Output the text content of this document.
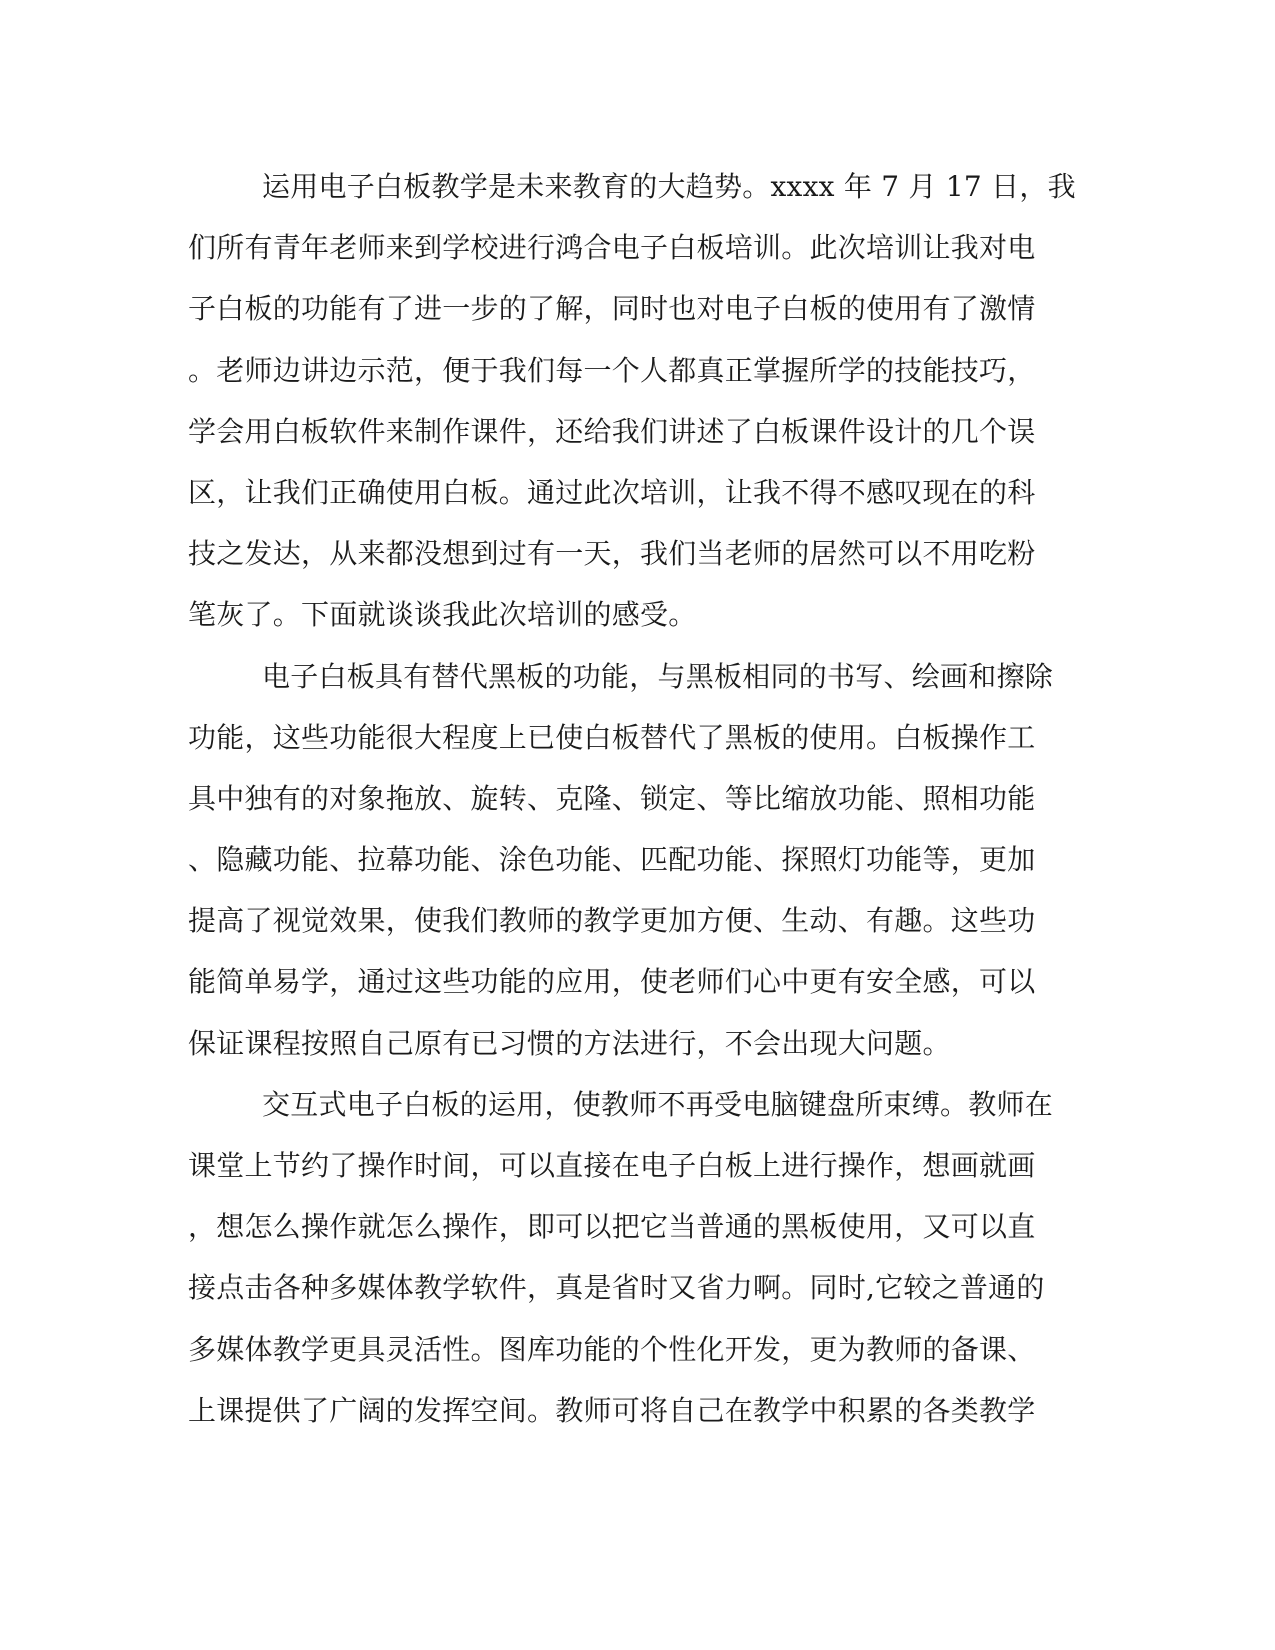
运用电子白板教学是未来教育的大趋势。xxxx 年 7 月 17 日，我
们所有青年老师来到学校进行鸿合电子白板培训。此次培训让我对电
子白板的功能有了进一步的了解，同时也对电子白板的使用有了激情
。老师边讲边示范，便于我们每一个人都真正掌握所学的技能技巧，
学会用白板软件来制作课件，还给我们讲述了白板课件设计的几个误
区，让我们正确使用白板。通过此次培训，让我不得不感叹现在的科
技之发达，从来都没想到过有一天，我们当老师的居然可以不用吃粉
笔灰了。下面就谈谈我此次培训的感受。
电子白板具有替代黑板的功能，与黑板相同的书写、绘画和擦除
功能，这些功能很大程度上已使白板替代了黑板的使用。白板操作工
具中独有的对象拖放、旋转、克隆、锁定、等比缩放功能、照相功能
、隐藏功能、拉幕功能、涂色功能、匹配功能、探照灯功能等，更加
提高了视觉效果，使我们教师的教学更加方便、生动、有趣。这些功
能简单易学，通过这些功能的应用，使老师们心中更有安全感，可以
保证课程按照自己原有已习惯的方法进行，不会出现大问题。
交互式电子白板的运用，使教师不再受电脑键盘所束缚。教师在
课堂上节约了操作时间，可以直接在电子白板上进行操作，想画就画
，想怎么操作就怎么操作，即可以把它当普通的黑板使用，又可以直
接点击各种多媒体教学软件，真是省时又省力啊。同时,它较之普通的
多媒体教学更具灵活性。图库功能的个性化开发，更为教师的备课、
上课提供了广阔的发挥空间。教师可将自己在教学中积累的各类教学
